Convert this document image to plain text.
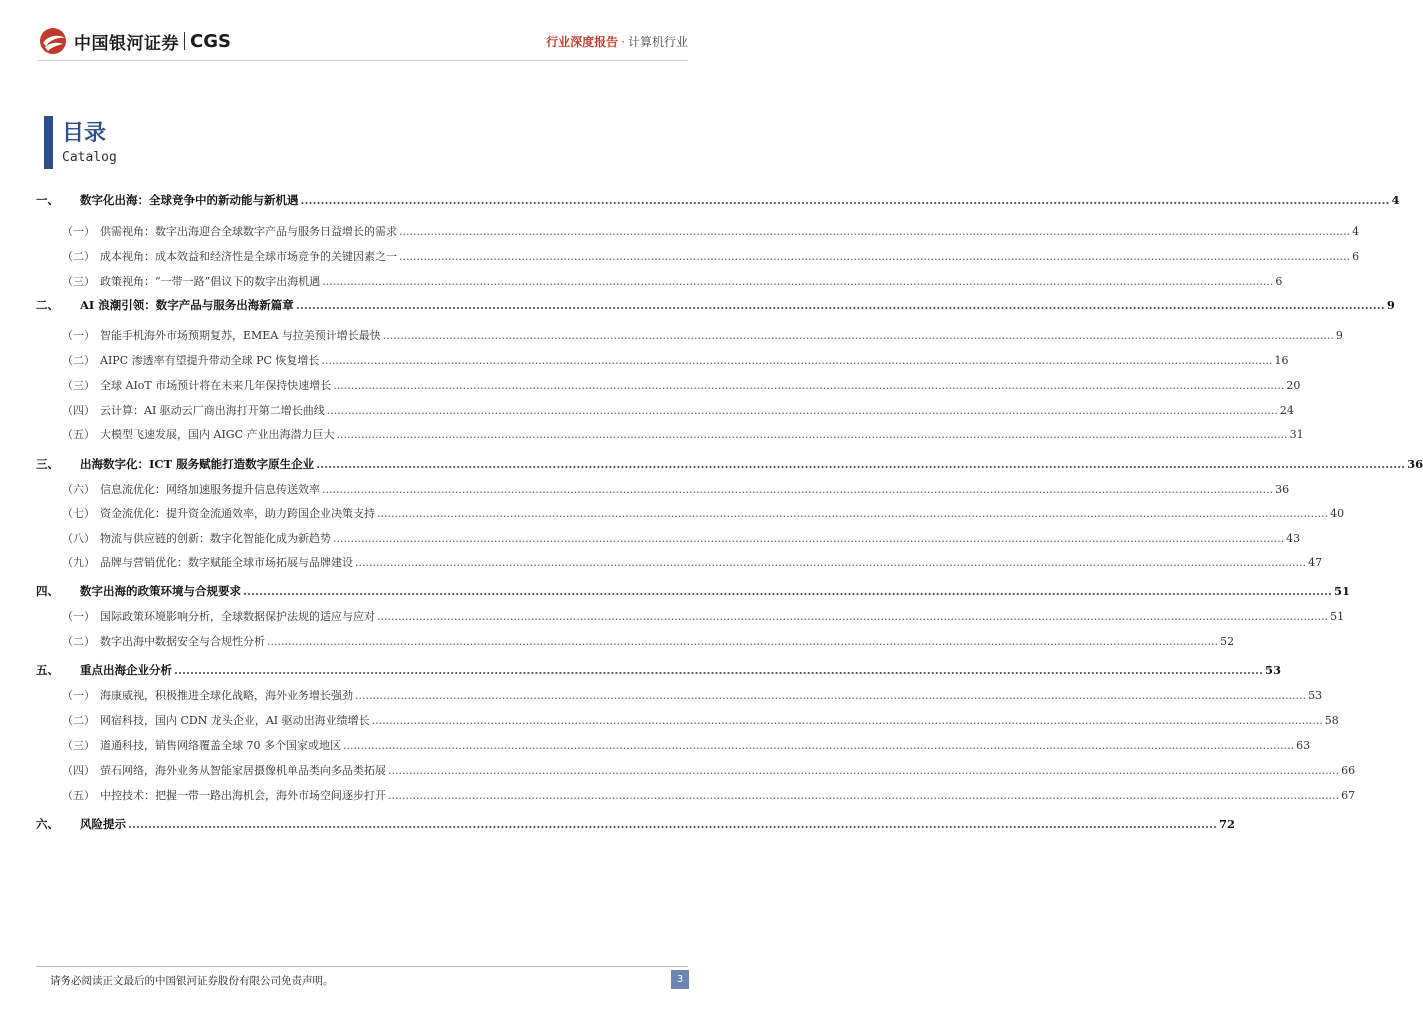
中国银河证券 CGS	行业深度报告 · 计算机行业
目录
Catalog
一、	数字化出海：全球竞争中的新动能与新机遇 .....	4
（一） 供需视角：数字出海迎合全球数字产品与服务日益增长的需求 .....	4
（二） 成本视角：成本效益和经济性是全球市场竞争的关键因素之一 .....	6
（三） 政策视角：“一带一路”倡议下的数字出海机遇 .....	6
二、	AI 浪潮引领：数字产品与服务出海新篇章 .....	9
（一） 智能手机海外市场预期复苏，EMEA 与拉美预计增长最快 .....	9
（二） AIPC 渗透率有望提升带动全球 PC 恢复增长 .....	16
（三） 全球 AIoT 市场预计将在未来几年保持快速增长 .....	20
（四） 云计算：AI 驱动云厂商出海打开第二增长曲线 .....	24
（五） 大模型飞速发展，国内 AIGC 产业出海潜力巨大 .....	31
三、	出海数字化：ICT 服务赋能打造数字原生企业 .....	36
（六） 信息流优化：网络加速服务提升信息传送效率 .....	36
（七） 资金流优化：提升资金流通效率，助力跨国企业决策支持 .....	40
（八） 物流与供应链的创新：数字化智能化成为新趋势 .....	43
（九） 品牌与营销优化：数字赋能全球市场拓展与品牌建设 .....	47
四、	数字出海的政策环境与合规要求 .....	51
（一） 国际政策环境影响分析，全球数据保护法规的适应与应对 .....	51
（二） 数字出海中数据安全与合规性分析 .....	52
五、	重点出海企业分析 .....	53
（一） 海康威视，积极推进全球化战略，海外业务增长强劲 .....	53
（二） 网宿科技，国内 CDN 龙头企业，AI 驱动出海业绩增长 .....	58
（三） 道通科技，销售网络覆盖全球 70 多个国家或地区 .....	63
（四） 萤石网络，海外业务从智能家居摄像机单品类向多品类拓展 .....	66
（五） 中控技术：把握一带一路出海机会，海外市场空间逐步打开 .....	67
六、	风险提示 .....	72
请务必阅读正文最后的中国银河证券股份有限公司免责声明。	3
